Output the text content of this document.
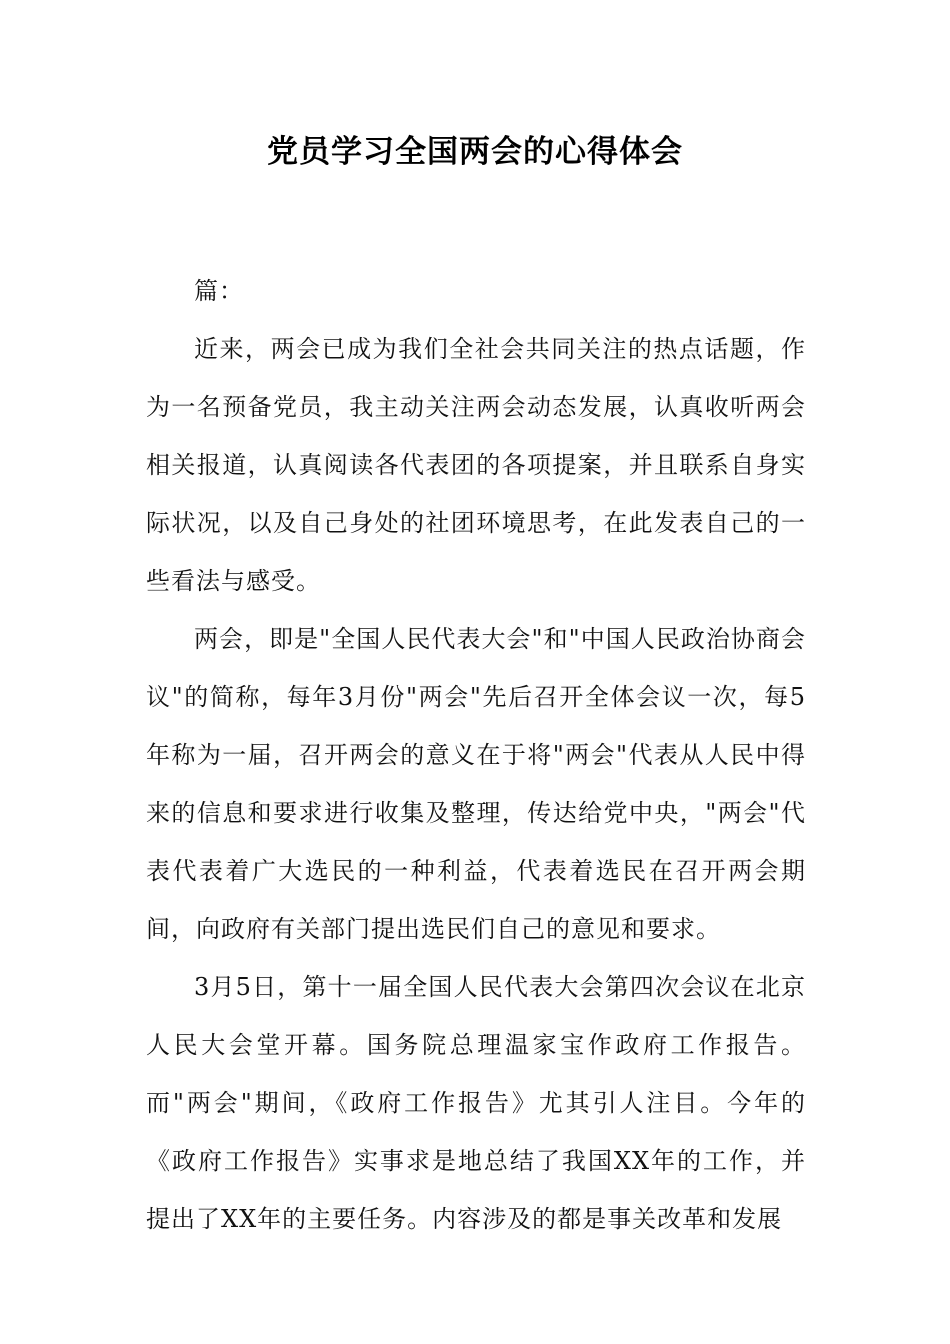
党员学习全国两会的心得体会

篇：

近来，两会已成为我们全社会共同关注的热点话题，作为一名预备党员，我主动关注两会动态发展，认真收听两会相关报道，认真阅读各代表团的各项提案，并且联系自身实际状况，以及自己身处的社团环境思考，在此发表自己的一些看法与感受。

两会，即是"全国人民代表大会"和"中国人民政治协商会议"的简称，每年3月份"两会"先后召开全体会议一次，每5年称为一届，召开两会的意义在于将"两会"代表从人民中得来的信息和要求进行收集及整理，传达给党中央，"两会"代表代表着广大选民的一种利益，代表着选民在召开两会期间，向政府有关部门提出选民们自己的意见和要求。

3月5日，第十一届全国人民代表大会第四次会议在北京人民大会堂开幕。国务院总理温家宝作政府工作报告。而"两会"期间，《政府工作报告》尤其引人注目。今年的《政府工作报告》实事求是地总结了我国XX年的工作，并提出了XX年的主要任务。内容涉及的都是事关改革和发展
